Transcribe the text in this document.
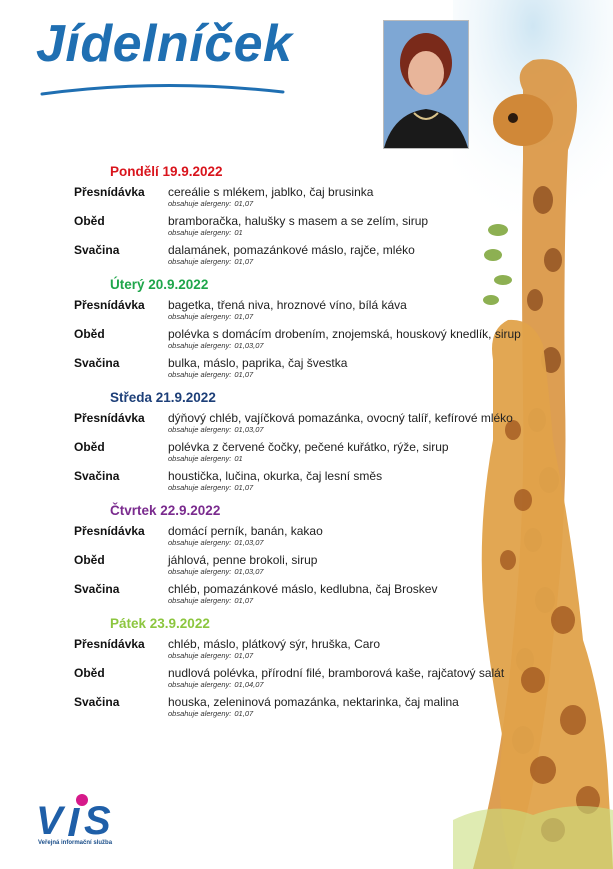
Jídelníček
Pondělí 19.9.2022
Přesnídávka cereálie s mlékem, jablko, čaj brusinka
obsahuje alergeny: 01,07
Oběd	bramboračka, halušky s masem a se zelím, sirup
obsahuje alergeny: 01
Svačina	dalamánek, pomazánkové máslo, rajče, mléko
obsahuje alergeny: 01,07
Úterý 20.9.2022
Přesnídávka bagetka, třená niva, hroznové víno, bílá káva
obsahuje alergeny: 01,07
Oběd	polévka s domácím drobením, znojemská, houskový knedlík, sirup
obsahuje alergeny: 01,03,07
Svačina	bulka, máslo, paprika, čaj švestka
obsahuje alergeny: 01,07
Středa 21.9.2022
Přesnídávka dýňový chléb, vajíčková pomazánka, ovocný talíř, kefírové mléko
obsahuje alergeny: 01,03,07
Oběd	polévka z červené čočky, pečené kuřátko, rýže, sirup
obsahuje alergeny: 01
Svačina	houstička, lučina, okurka, čaj lesní směs
obsahuje alergeny: 01,07
Čtvrtek 22.9.2022
Přesnídávka domácí perník, banán, kakao
obsahuje alergeny: 01,03,07
Oběd	jáhlová, penne brokoli, sirup
obsahuje alergeny: 01,03,07
Svačina	chléb, pomazánkové máslo, kedlubna, čaj Broskev
obsahuje alergeny: 01,07
Pátek 23.9.2022
Přesnídávka chléb, máslo, plátkový sýr, hruška, Caro
obsahuje alergeny: 01,07
Oběd	nudlová polévka, přírodní filé, bramborová kaše, rajčatový salát
obsahuje alergeny: 01,04,07
Svačina	houska, zeleninová pomazánka, nektarinka, čaj malina
obsahuje alergeny: 01,07
V S
Veřejná informační služba
